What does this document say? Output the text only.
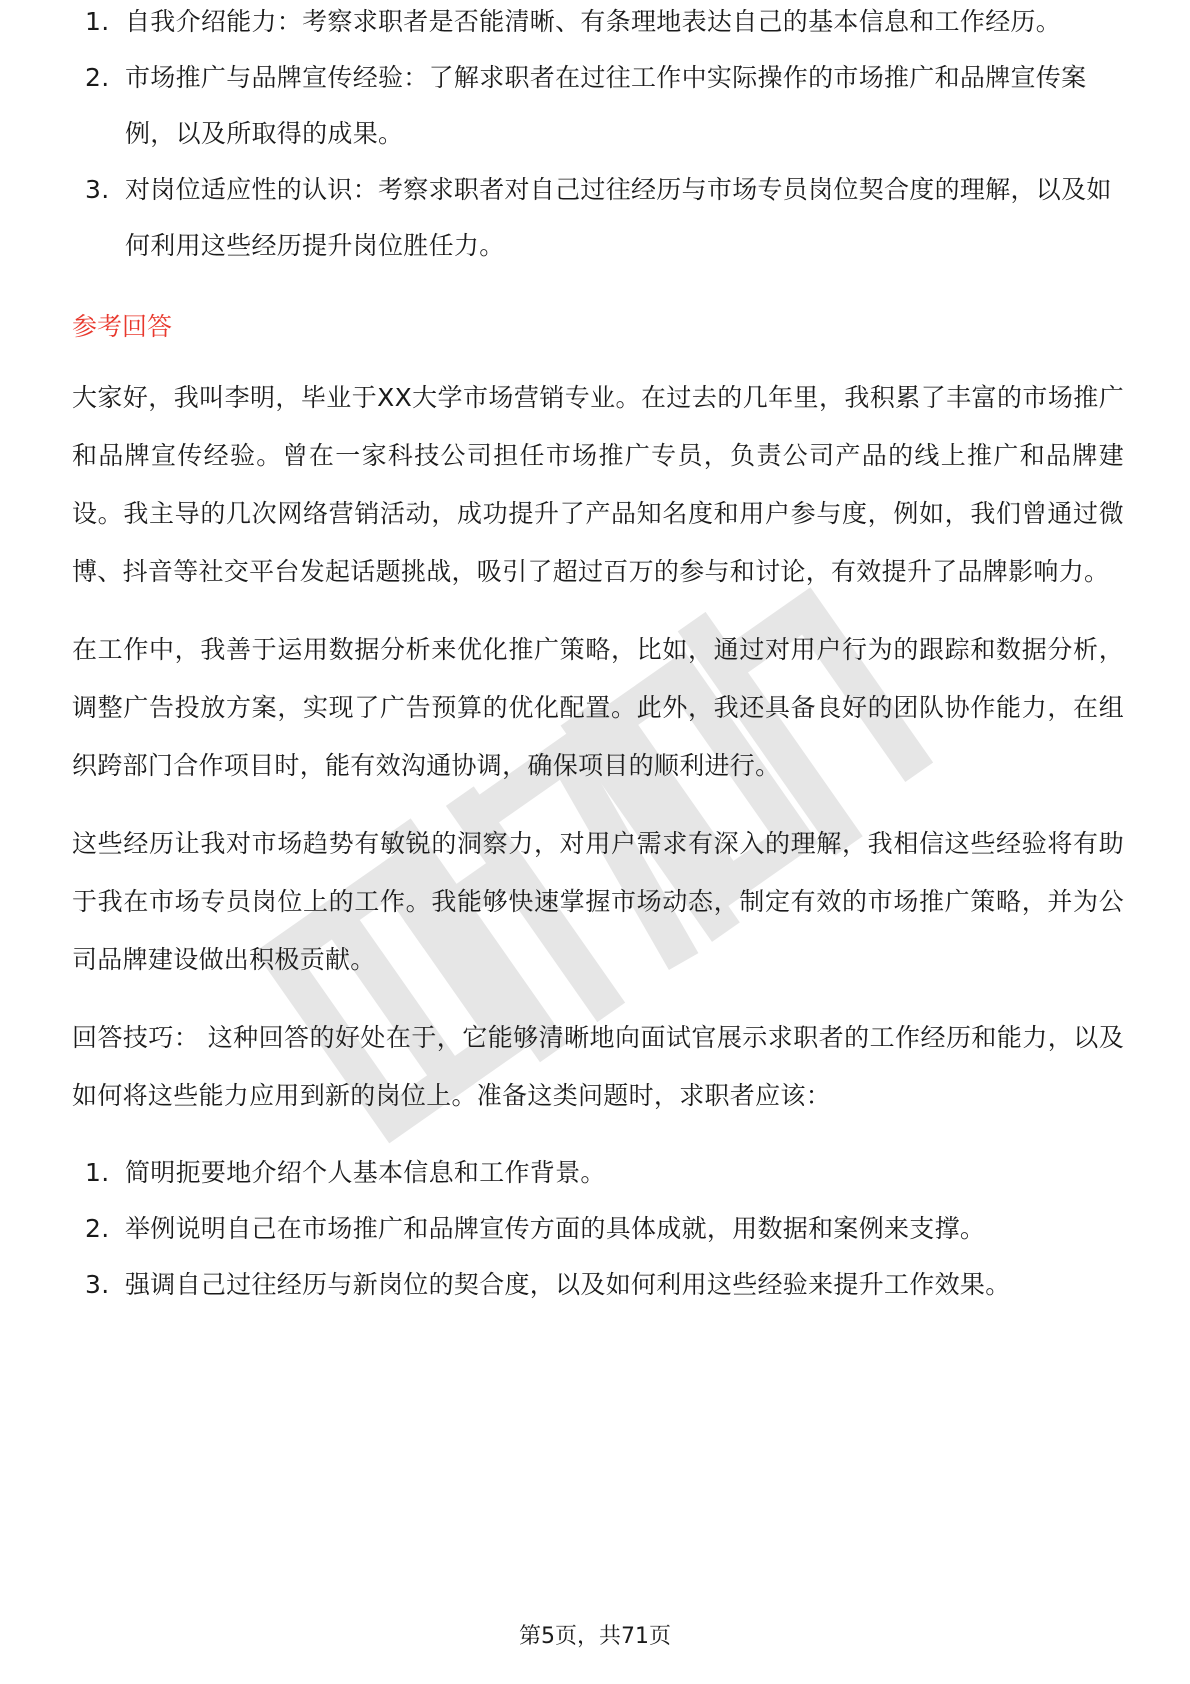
1. 自我介绍能力：考察求职者是否能清晰、有条理地表达自己的基本信息和工作经历。
2. 市场推广与品牌宣传经验：了解求职者在过往工作中实际操作的市场推广和品牌宣传案例，以及所取得的成果。
3. 对岗位适应性的认识：考察求职者对自己过往经历与市场专员岗位契合度的理解，以及如何利用这些经历提升岗位胜任力。
参考回答

大家好，我叫李明，毕业于XX大学市场营销专业。在过去的几年里，我积累了丰富的市场推广和品牌宣传经验。曾在一家科技公司担任市场推广专员，负责公司产品的线上推广和品牌建设。我主导的几次网络营销活动，成功提升了产品知名度和用户参与度，例如，我们曾通过微博、抖音等社交平台发起话题挑战，吸引了超过百万的参与和讨论，有效提升了品牌影响力。

在工作中，我善于运用数据分析来优化推广策略，比如，通过对用户行为的跟踪和数据分析，调整广告投放方案，实现了广告预算的优化配置。此外，我还具备良好的团队协作能力，在组织跨部门合作项目时，能有效沟通协调，确保项目的顺利进行。

这些经历让我对市场趋势有敏锐的洞察力，对用户需求有深入的理解，我相信这些经验将有助于我在市场专员岗位上的工作。我能够快速掌握市场动态，制定有效的市场推广策略，并为公司品牌建设做出积极贡献。

回答技巧： 这种回答的好处在于，它能够清晰地向面试官展示求职者的工作经历和能力，以及如何将这些能力应用到新的岗位上。准备这类问题时，求职者应该：

1. 简明扼要地介绍个人基本信息和工作背景。
2. 举例说明自己在市场推广和品牌宣传方面的具体成就，用数据和案例来支撑。
3. 强调自己过往经历与新岗位的契合度，以及如何利用这些经验来提升工作效果。
第5页，共71页
